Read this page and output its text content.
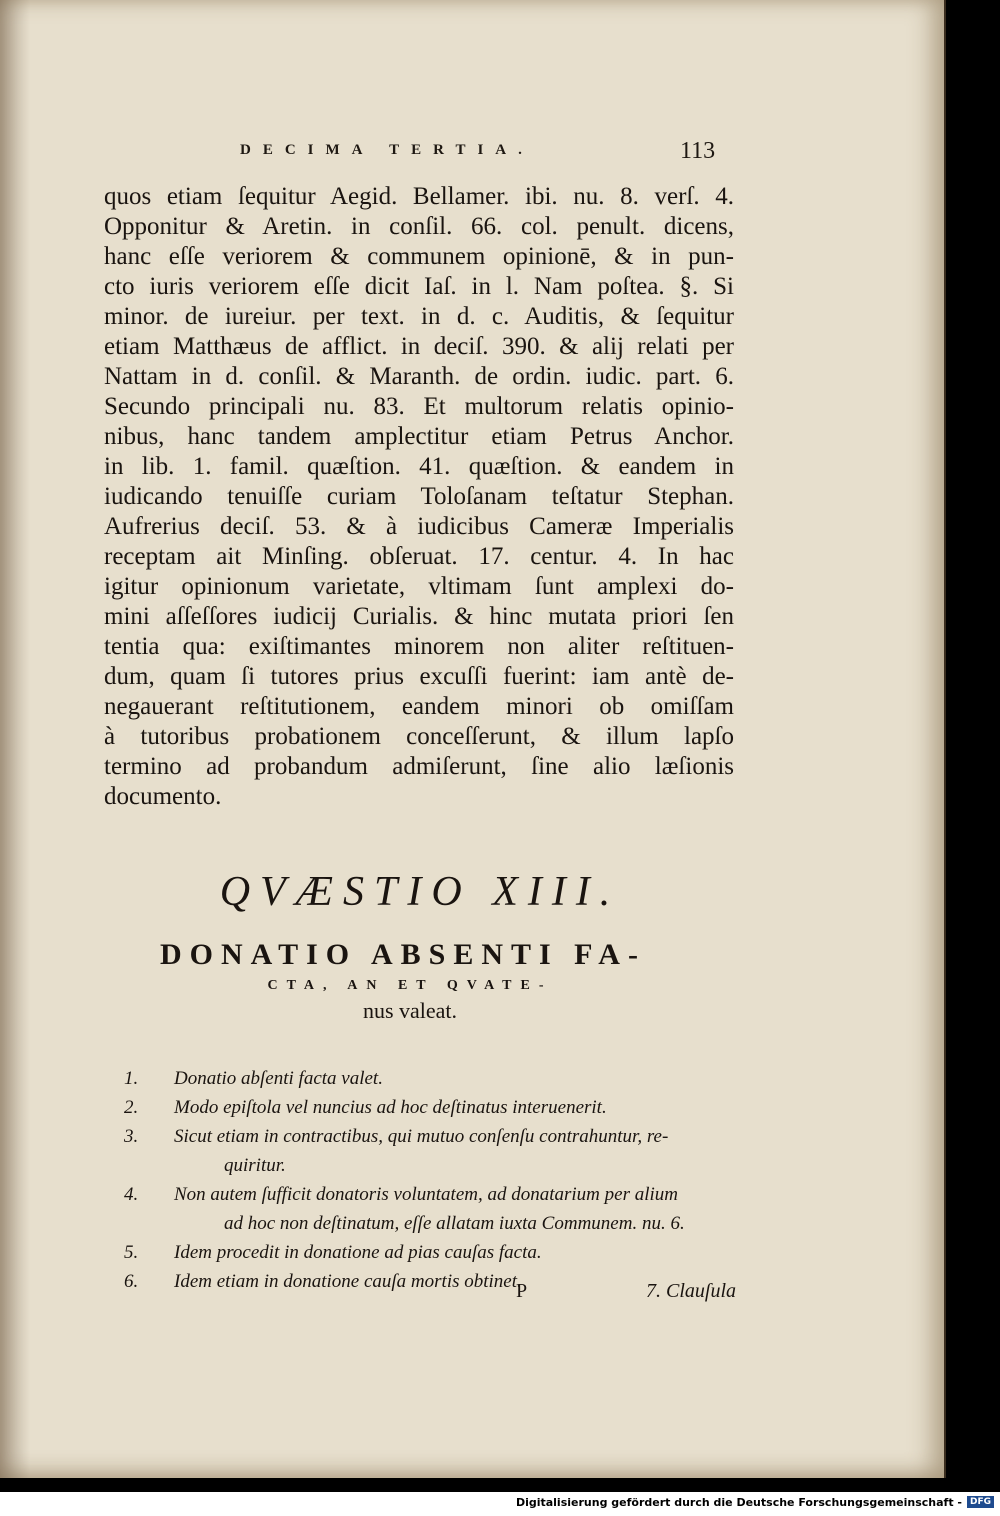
DECIMA TERTIA.	113
quos etiam ſequitur Aegid. Bellamer. ibi. nu. 8. verſ. 4.
Opponitur & Aretin. in conſil. 66. col. penult. dicens,
hanc eſſe veriorem & communem opinionē, & in pun-
cto iuris veriorem eſſe dicit Iaſ. in l. Nam poſtea. §. Si
minor. de iureiur. per text. in d. c. Auditis, & ſequitur
etiam Matthæus de afflict. in deciſ. 390. & alij relati per
Nattam in d. conſil. & Maranth. de ordin. iudic. part. 6.
Secundo principali nu. 83. Et multorum relatis opinio-
nibus, hanc tandem amplectitur etiam Petrus Anchor.
in lib. 1. famil. quæſtion. 41. quæſtion. & eandem in
iudicando tenuiſſe curiam Toloſanam teſtatur Stephan.
Aufrerius deciſ. 53. & à iudicibus Cameræ Imperialis
receptam ait Minſing. obſeruat. 17. centur. 4. In hac
igitur opinionum varietate, vltimam ſunt amplexi do-
mini aſſeſſores iudicij Curialis. & hinc mutata priori ſen
tentia qua: exiſtimantes minorem non aliter reſtituen-
dum, quam ſi tutores prius excuſſi fuerint: iam antè de-
negauerant reſtitutionem, eandem minori ob omiſſam
à tutoribus probationem conceſſerunt, & illum lapſo
termino ad probandum admiſerunt, ſine alio læſionis
documento.
QVÆSTIO XIII.
DONATIO ABSENTI FA-
CTA, AN ET QVATE-
nus valeat.
1. Donatio abſenti facta valet.
2. Modo epiſtola vel nuncius ad hoc deſtinatus interuenerit.
3. Sicut etiam in contractibus, qui mutuo conſenſu contrahuntur, re-
quiritur.
4. Non autem ſufficit donatoris voluntatem, ad donatarium per alium
ad hoc non deſtinatum, eſſe allatam iuxta Communem. nu. 6.
5. Idem procedit in donatione ad pias cauſas facta.
6. Idem etiam in donatione cauſa mortis obtinet.
P	7. Clauſula
Digitalisierung gefördert durch die Deutsche Forschungsgemeinschaft - DFG
